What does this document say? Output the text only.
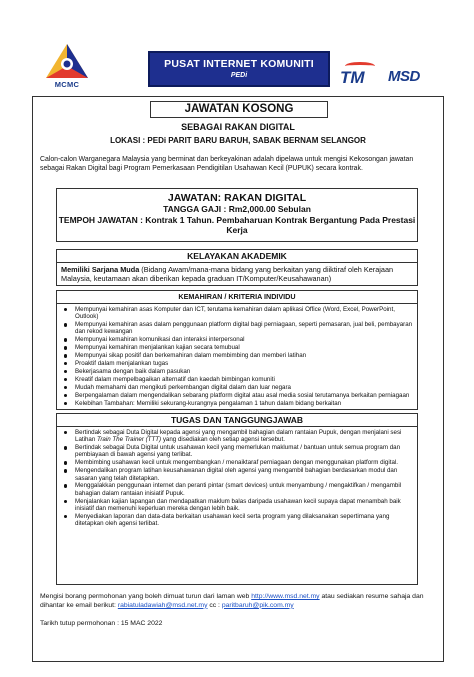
MCMC
PUSAT INTERNET KOMUNITI
PEDi	TM MSD
JAWATAN KOSONG
SEBAGAI RAKAN DIGITAL
LOKASI : PEDi PARIT BARU BARUH, SABAK BERNAM SELANGOR
Calon-calon Warganegara Malaysia yang berminat dan berkeyakinan adalah dipelawa untuk mengisi Kekosongan jawatan sebagai Rakan Digital bagi Program Pemerkasaan Pendigitilan Usahawan Kecil (PUPUK) secara kontrak.
JAWATAN: RAKAN DIGITAL
TANGGA GAJI : Rm2,000.00 Sebulan
TEMPOH JAWATAN : Kontrak 1 Tahun. Pembaharuan Kontrak Bergantung Pada Prestasi Kerja
KELAYAKAN AKADEMIK
Memiliki Sarjana Muda (Bidang Awam/mana-mana bidang yang berkaitan yang diiktiraf oleh Kerajaan Malaysia, keutamaan akan diberikan kepada graduan IT/Komputer/Keusahawanan)
KEMAHIRAN / KRITERIA INDIVIDU
Mempunyai kemahiran asas Komputer dan ICT, terutama kemahiran dalam aplikasi Office (Word, Excel, PowerPoint, Outlook)
Mempunyai kemahiran asas dalam penggunaan platform digital bagi perniagaan, seperti pemasaran, jual beli, pembayaran dan rekod kewangan
Mempunyai kemahiran komunikasi dan interaksi interpersonal
Mempunyai kemahiran menjalankan kajian secara temubual
Mempunyai sikap positif dan berkemahiran dalam membimbing dan memberi latihan
Proaktif dalam menjalankan tugas
Bekerjasama dengan baik dalam pasukan
Kreatif dalam mempelbagaikan alternatif dan kaedah bimbingan komuniti
Mudah memahami dan mengikuti perkembangan digital dalam dan luar negara
Berpengalaman dalam mengendalikan sebarang platform digital atau asal media sosial terutamanya berkaitan perniagaan
Kelebihan Tambahan: Memiliki sekurang-kurangnya pengalaman 1 tahun dalam bidang berkaitan
TUGAS DAN TANGGUNGJAWAB
Bertindak sebagai Duta Digital kepada agensi yang mengambil bahagian dalam rantaian Pupuk, dengan menjalani sesi Latihan Train The Trainer (TTT) yang disediakan oleh setiap agensi tersebut.
Bertindak sebagai Duta Digital untuk usahawan kecil yang memerlukan maklumat / bantuan untuk semua program dan pembiayaan di bawah agensi yang terlibat.
Membimbing usahawan kecil untuk mengembangkan / menaiktaraf perniagaan dengan menggunakan platform digital.
Mengendalikan program latihan keusahawanan digital oleh agensi yang mengambil bahagian berdasarkan modul dan sasaran yang telah ditetapkan.
Menggalakkan penggunaan internet dan peranti pintar (smart devices) untuk menyambung / mengaktifkan / mengambil bahagian dalam rantaian inisiatif Pupuk.
Menjalankan kajian lapangan dan mendapatkan maklum balas daripada usahawan kecil supaya dapat menambah baik inisiatif dan memenuhi keperluan mereka dengan lebih baik.
Menyediakan laporan dan data-data berkaitan usahawan kecil serta program yang dilaksanakan sepertimana yang ditetapkan oleh agensi terlibat.
Mengisi borang permohonan yang boleh dimuat turun dari laman web http://www.msd.net.my atau sediakan resume sahaja dan dihantar ke email berikut: rabiatuladawiah@msd.net.my cc : paritbaruh@pik.com.my
Tarikh tutup permohonan : 15 MAC 2022
